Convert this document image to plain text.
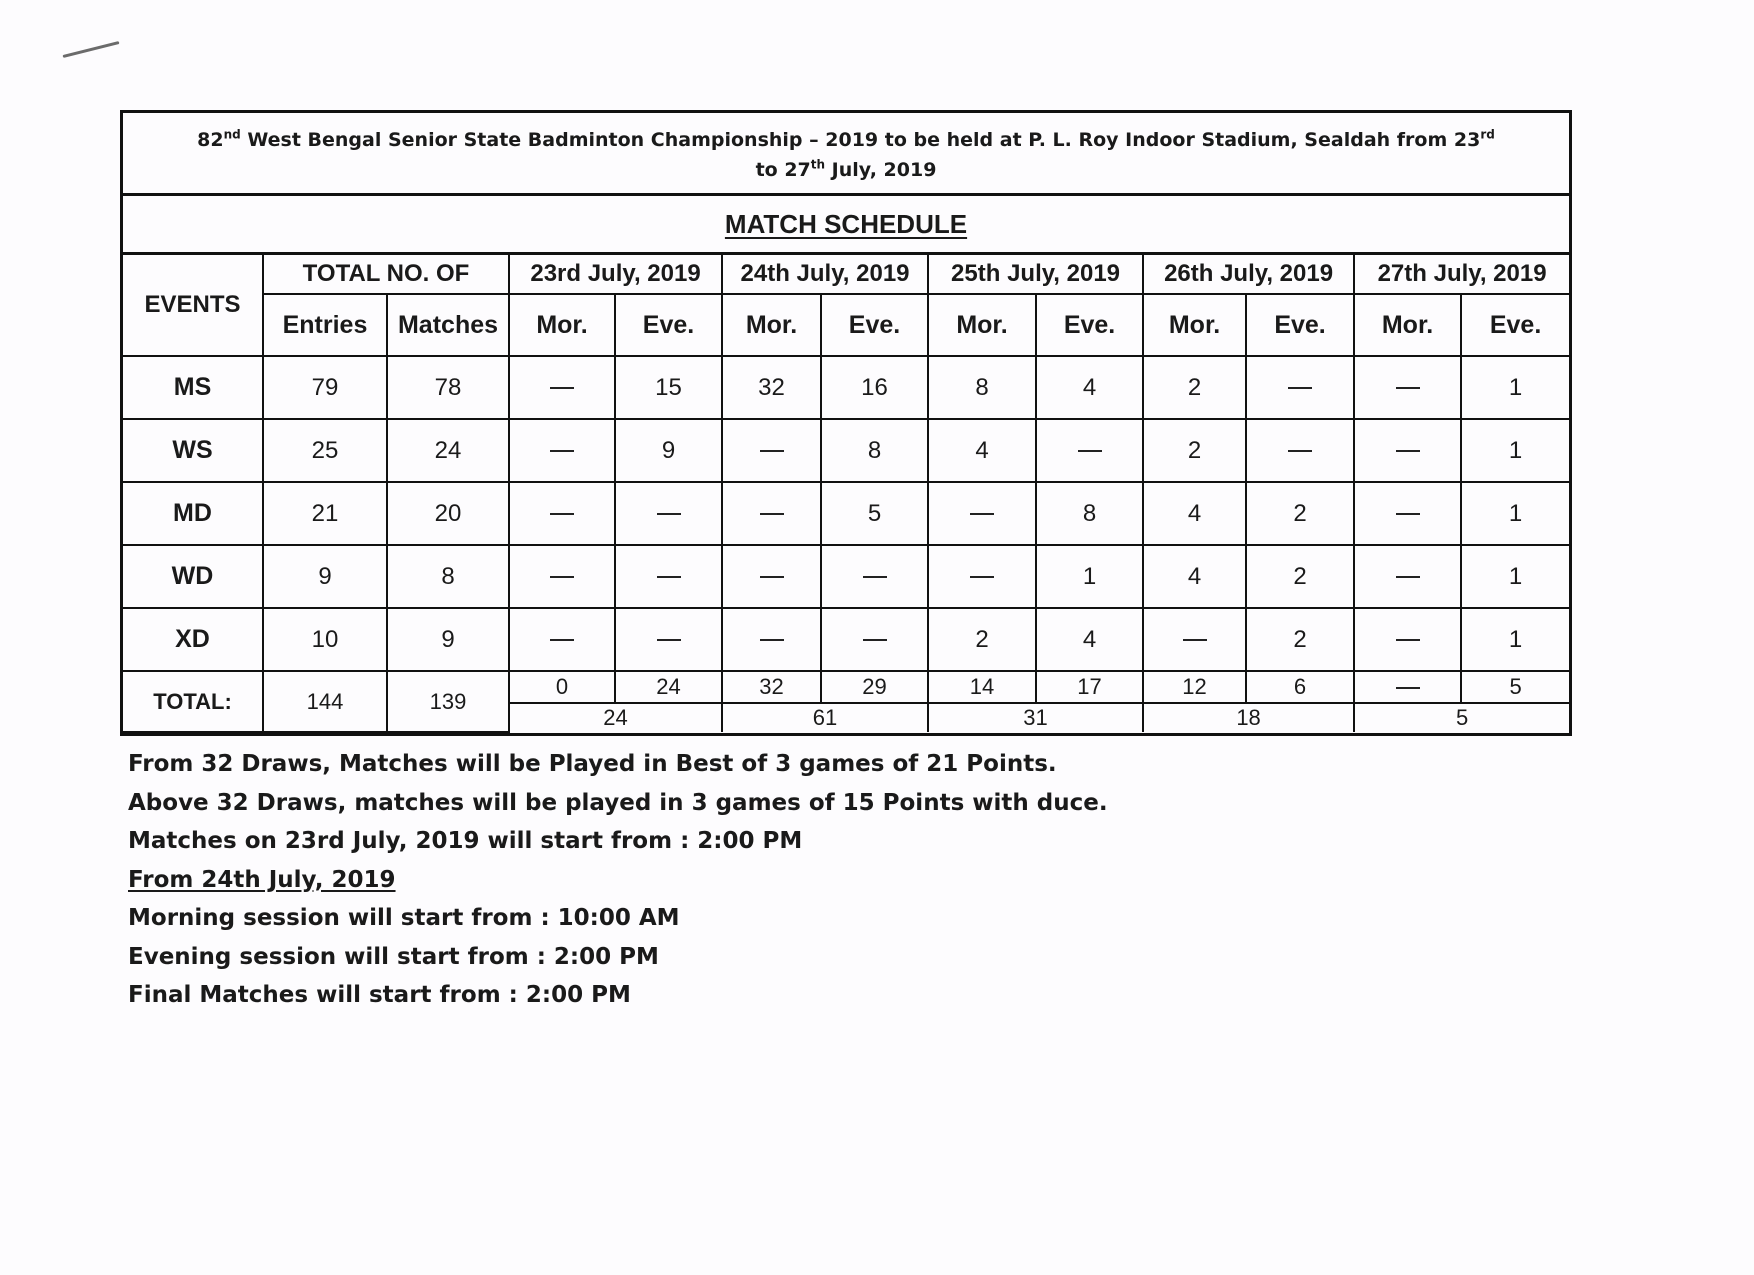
82nd West Bengal Senior State Badminton Championship – 2019 to be held at P. L. Roy Indoor Stadium, Sealdah from 23rd
to 27th July, 2019
MATCH SCHEDULE
EVENTS	TOTAL NO. OF		23rd July, 2019		24th July, 2019		25th July, 2019		26th July, 2019		27th July, 2019	
	Entries	Matches	Mor.	Eve.	Mor.	Eve.	Mor.	Eve.	Mor.	Eve.	Mor.	Eve.
MS	79	78		15	32	16	8	4	2			1
WS	25	24		9		8	4		2			1
MD	21	20				5		8	4	2		1
WD	9	8						1	4	2		1
XD	10	9					2	4		2		1
TOTAL:	144	139	0	24	32	29	14	17	12	6		5
			24		61		31		18		5	
From 32 Draws, Matches will be Played in Best of 3 games of 21 Points.
Above 32 Draws, matches will be played in 3 games of 15 Points with duce.
Matches on 23rd July, 2019 will start from : 2:00 PM
From 24th July, 2019
Morning session will start from : 10:00 AM
Evening session will start from : 2:00 PM
Final Matches will start from : 2:00 PM
